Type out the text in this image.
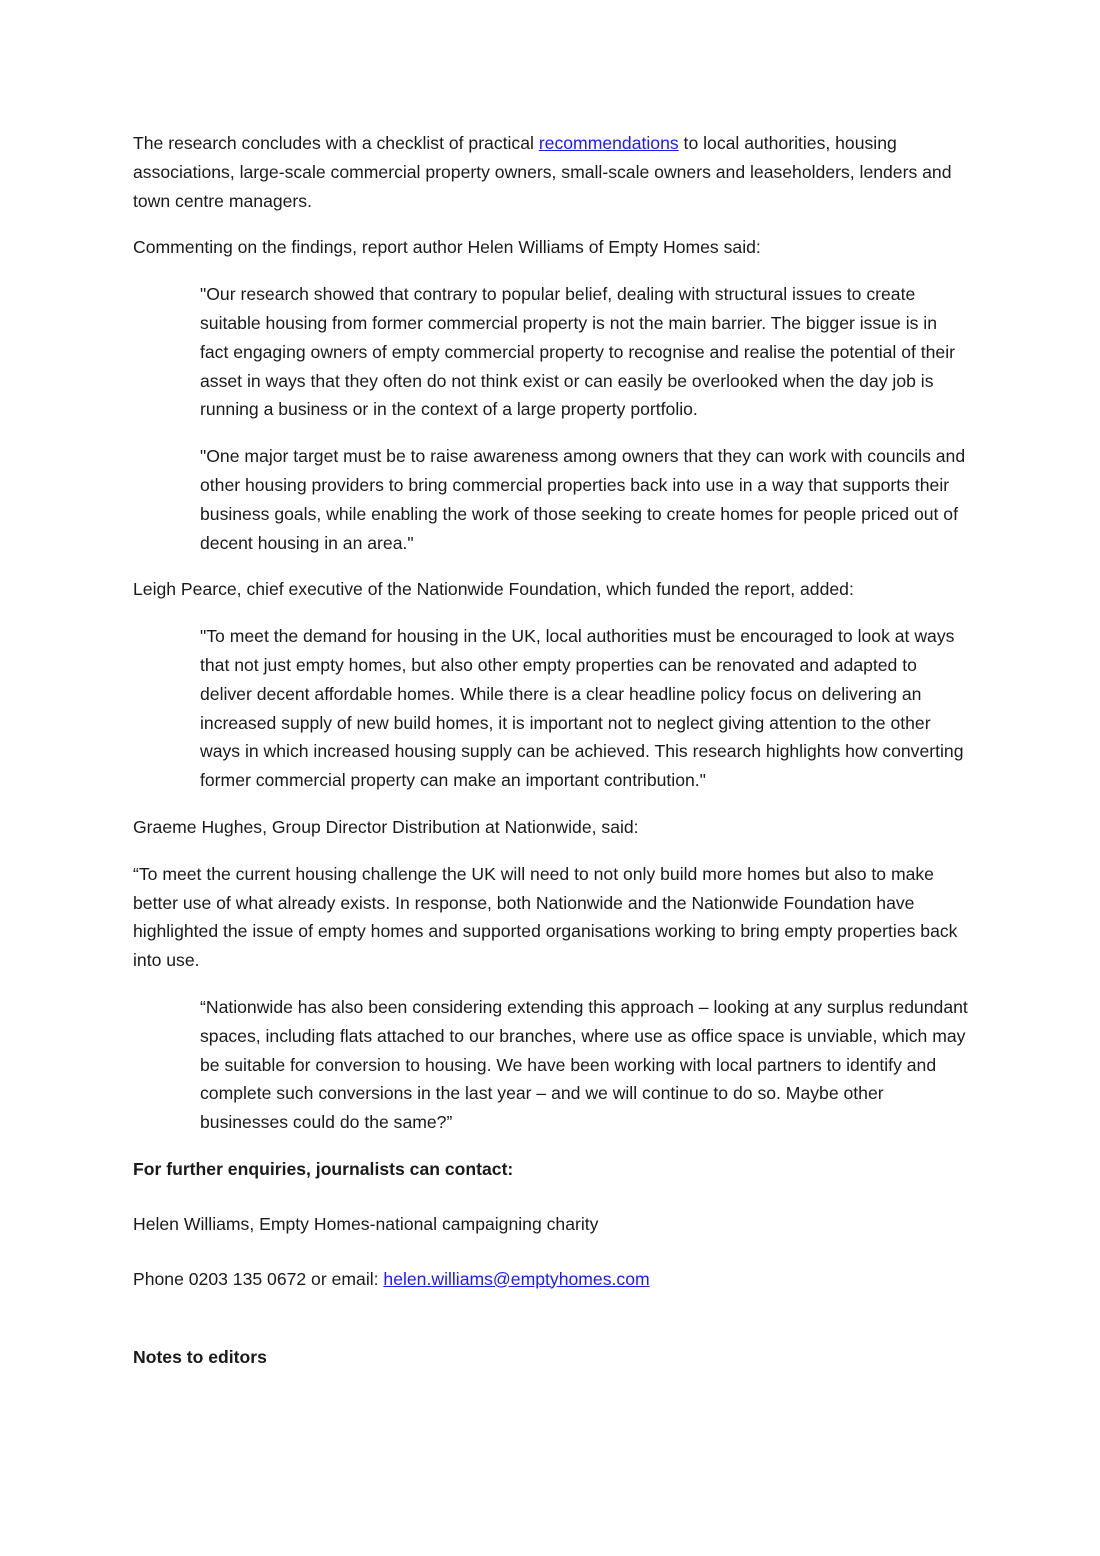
The research concludes with a checklist of practical recommendations to local authorities, housing associations, large-scale commercial property owners, small-scale owners and leaseholders, lenders and town centre managers.

Commenting on the findings, report author Helen Williams of Empty Homes said:

"Our research showed that contrary to popular belief, dealing with structural issues to create suitable housing from former commercial property is not the main barrier. The bigger issue is in fact engaging owners of empty commercial property to recognise and realise the potential of their asset in ways that they often do not think exist or can easily be overlooked when the day job is running a business or in the context of a large property portfolio.

"One major target must be to raise awareness among owners that they can work with councils and other housing providers to bring commercial properties back into use in a way that supports their business goals, while enabling the work of those seeking to create homes for people priced out of decent housing in an area."

Leigh Pearce, chief executive of the Nationwide Foundation, which funded the report, added:

"To meet the demand for housing in the UK, local authorities must be encouraged to look at ways that not just empty homes, but also other empty properties can be renovated and adapted to deliver decent affordable homes. While there is a clear headline policy focus on delivering an increased supply of new build homes, it is important not to neglect giving attention to the other ways in which increased housing supply can be achieved. This research highlights how converting former commercial property can make an important contribution."

Graeme Hughes, Group Director Distribution at Nationwide, said:

“To meet the current housing challenge the UK will need to not only build more homes but also to make better use of what already exists. In response, both Nationwide and the Nationwide Foundation have highlighted the issue of empty homes and supported organisations working to bring empty properties back into use.

“Nationwide has also been considering extending this approach – looking at any surplus redundant spaces, including flats attached to our branches, where use as office space is unviable, which may be suitable for conversion to housing. We have been working with local partners to identify and complete such conversions in the last year – and we will continue to do so. Maybe other businesses could do the same?”

For further enquiries, journalists can contact:

Helen Williams, Empty Homes-national campaigning charity

Phone 0203 135 0672 or email: helen.williams@emptyhomes.com

Notes to editors
